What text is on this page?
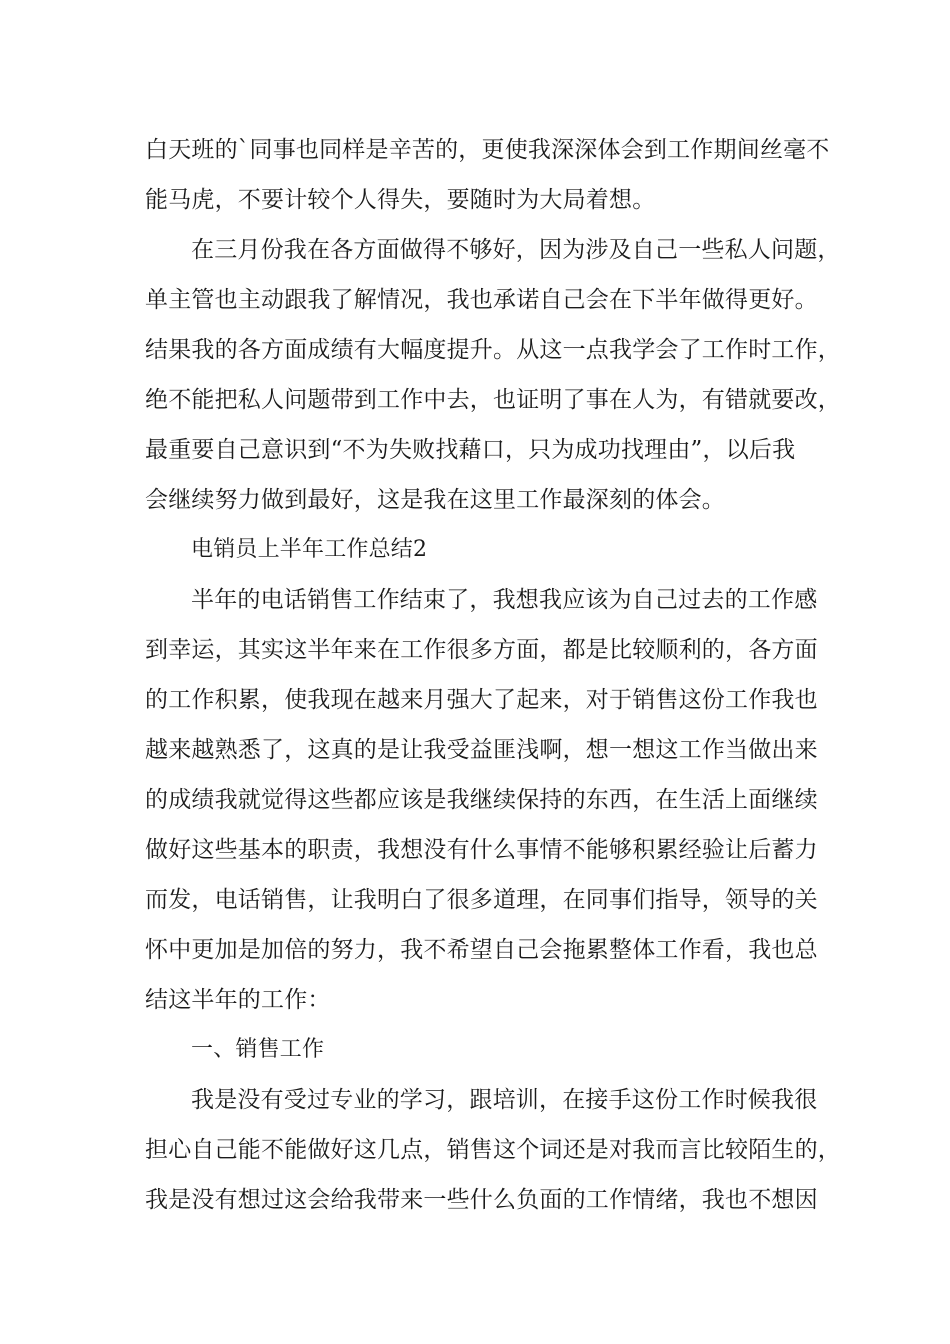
白天班的`同事也同样是辛苦的，更使我深深体会到工作期间丝毫不
能马虎，不要计较个人得失，要随时为大局着想。
在三月份我在各方面做得不够好，因为涉及自己一些私人问题，
单主管也主动跟我了解情况，我也承诺自己会在下半年做得更好。
结果我的各方面成绩有大幅度提升。从这一点我学会了工作时工作，
绝不能把私人问题带到工作中去，也证明了事在人为，有错就要改，
最重要自己意识到“不为失败找藉口，只为成功找理由”，以后我
会继续努力做到最好，这是我在这里工作最深刻的体会。
电销员上半年工作总结2
半年的电话销售工作结束了，我想我应该为自己过去的工作感
到幸运，其实这半年来在工作很多方面，都是比较顺利的，各方面
的工作积累，使我现在越来月强大了起来，对于销售这份工作我也
越来越熟悉了，这真的是让我受益匪浅啊，想一想这工作当做出来
的成绩我就觉得这些都应该是我继续保持的东西，在生活上面继续
做好这些基本的职责，我想没有什么事情不能够积累经验让后蓄力
而发，电话销售，让我明白了很多道理，在同事们指导，领导的关
怀中更加是加倍的努力，我不希望自己会拖累整体工作看，我也总
结这半年的工作：
一、销售工作
我是没有受过专业的学习，跟培训，在接手这份工作时候我很
担心自己能不能做好这几点，销售这个词还是对我而言比较陌生的，
我是没有想过这会给我带来一些什么负面的工作情绪，我也不想因
